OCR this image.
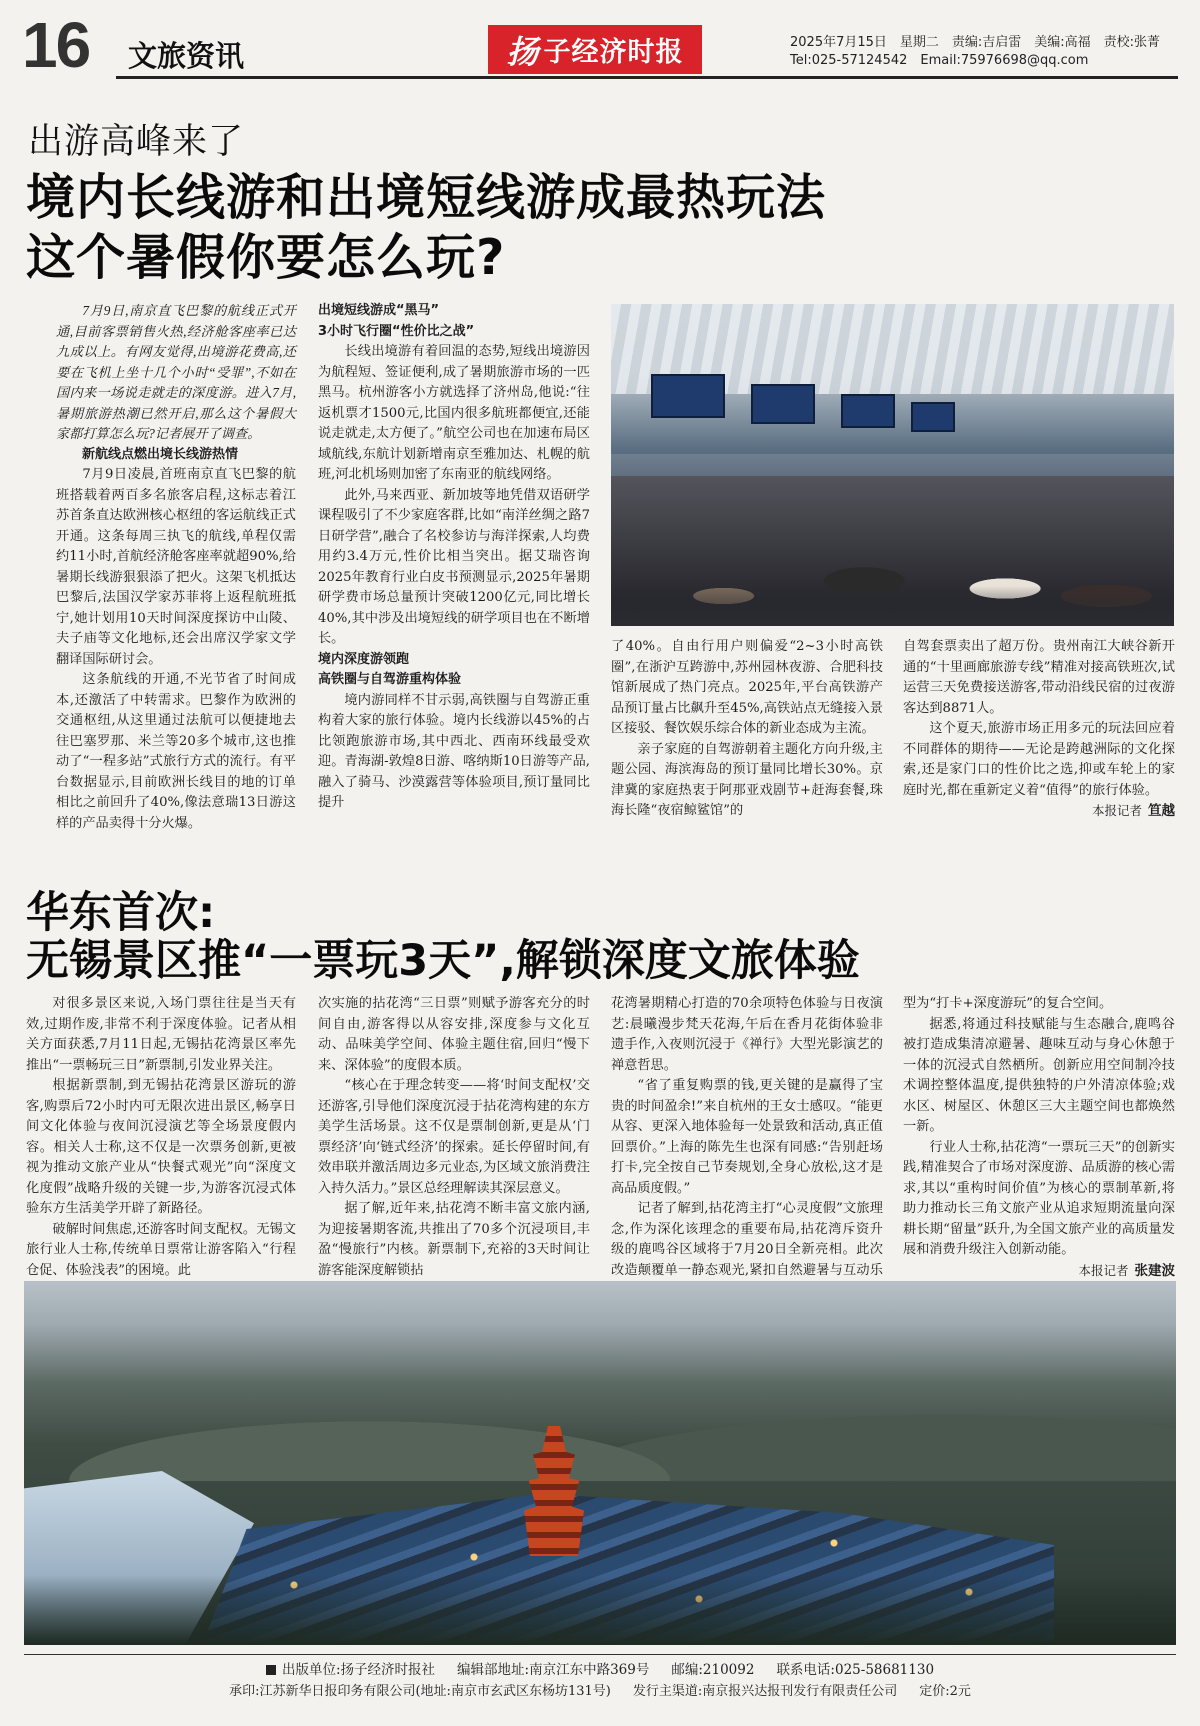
16 文旅资讯	扬 子经济时报	2025年7月15日　星期二　责编:吉启雷　美编:高福　责校:张菁
Tel:025-57124542　Email:75976698@qq.com
出游高峰来了
境内长线游和出境短线游成最热玩法
这个暑假你要怎么玩?

7月9日,南京直飞巴黎的航线正式开通,目前客票销售火热,经济舱客座率已达九成以上。有网友觉得,出境游花费高,还要在飞机上坐十几个小时“受罪”,不如在国内来一场说走就走的深度游。进入7月,暑期旅游热潮已然开启,那么这个暑假大家都打算怎么玩?记者展开了调查。

新航线点燃出境长线游热情

7月9日凌晨,首班南京直飞巴黎的航班搭载着两百多名旅客启程,这标志着江苏首条直达欧洲核心枢纽的客运航线正式开通。这条每周三执飞的航线,单程仅需约11小时,首航经济舱客座率就超90%,给暑期长线游狠狠添了把火。这架飞机抵达巴黎后,法国汉学家苏菲将上返程航班抵宁,她计划用10天时间深度探访中山陵、夫子庙等文化地标,还会出席汉学家文学翻译国际研讨会。

这条航线的开通,不光节省了时间成本,还激活了中转需求。巴黎作为欧洲的交通枢纽,从这里通过法航可以便捷地去往巴塞罗那、米兰等20多个城市,这也推动了“一程多站”式旅行方式的流行。有平台数据显示,目前欧洲长线目的地的订单相比之前回升了40%,像法意瑞13日游这样的产品卖得十分火爆。

出境短线游成“黑马”

3小时飞行圈“性价比之战”

长线出境游有着回温的态势,短线出境游因为航程短、签证便利,成了暑期旅游市场的一匹黑马。杭州游客小方就选择了济州岛,他说:“往返机票才1500元,比国内很多航班都便宜,还能说走就走,太方便了。”航空公司也在加速布局区域航线,东航计划新增南京至雅加达、札幌的航班,河北机场则加密了东南亚的航线网络。

此外,马来西亚、新加坡等地凭借双语研学课程吸引了不少家庭客群,比如“南洋丝绸之路7日研学营”,融合了名校参访与海洋探索,人均费用约3.4万元,性价比相当突出。据艾瑞咨询2025年教育行业白皮书预测显示,2025年暑期研学费市场总量预计突破1200亿元,同比增长40%,其中涉及出境短线的研学项目也在不断增长。

境内深度游领跑

高铁圈与自驾游重构体验

境内游同样不甘示弱,高铁圈与自驾游正重构着大家的旅行体验。境内长线游以45%的占比领跑旅游市场,其中西北、西南环线最受欢迎。青海湖-敦煌8日游、喀纳斯10日游等产品,融入了骑马、沙漠露营等体验项目,预订量同比提升

了40%。自由行用户则偏爱“2~3小时高铁圈”,在浙沪互跨游中,苏州园林夜游、合肥科技馆新展成了热门亮点。2025年,平台高铁游产品预订量占比飙升至45%,高铁站点无缝接入景区接驳、餐饮娱乐综合体的新业态成为主流。

亲子家庭的自驾游朝着主题化方向升级,主题公园、海滨海岛的预订量同比增长30%。京津冀的家庭热衷于阿那亚戏剧节+赶海套餐,珠海长隆“夜宿鲸鲨馆”的

自驾套票卖出了超万份。贵州南江大峡谷新开通的“十里画廊旅游专线”精准对接高铁班次,试运营三天免费接送游客,带动沿线民宿的过夜游客达到8871人。

这个夏天,旅游市场正用多元的玩法回应着不同群体的期待——无论是跨越洲际的文化探索,还是家门口的性价比之选,抑或车轮上的家庭时光,都在重新定义着“值得”的旅行体验。

本报记者 笪越

华东首次:
无锡景区推“一票玩3天”,解锁深度文旅体验

对很多景区来说,入场门票往往是当天有效,过期作废,非常不利于深度体验。记者从相关方面获悉,7月11日起,无锡拈花湾景区率先推出“一票畅玩三日”新票制,引发业界关注。

根据新票制,到无锡拈花湾景区游玩的游客,购票后72小时内可无限次进出景区,畅享日间文化体验与夜间沉浸演艺等全场景度假内容。相关人士称,这不仅是一次票务创新,更被视为推动文旅产业从“快餐式观光”向“深度文化度假”战略升级的关键一步,为游客沉浸式体验东方生活美学开辟了新路径。

破解时间焦虑,还游客时间支配权。无锡文旅行业人士称,传统单日票常让游客陷入“行程仓促、体验浅表”的困境。此

次实施的拈花湾“三日票”则赋予游客充分的时间自由,游客得以从容安排,深度参与文化互动、品味美学空间、体验主题住宿,回归“慢下来、深体验”的度假本质。

“核心在于理念转变——将‘时间支配权’交还游客,引导他们深度沉浸于拈花湾构建的东方美学生活场景。这不仅是票制创新,更是从‘门票经济’向‘链式经济’的探索。延长停留时间,有效串联并激活周边多元业态,为区域文旅消费注入持久活力。”景区总经理解读其深层意义。

据了解,近年来,拈花湾不断丰富文旅内涵,为迎接暑期客流,共推出了70多个沉浸项目,丰盈“慢旅行”内核。新票制下,充裕的3天时间让游客能深度解锁拈

花湾暑期精心打造的70余项特色体验与日夜演艺:晨曦漫步梵天花海,午后在香月花街体验非遗手作,入夜则沉浸于《禅行》大型光影演艺的禅意哲思。

“省了重复购票的钱,更关键的是赢得了宝贵的时间盈余!”来自杭州的王女士感叹。“能更从容、更深入地体验每一处景致和活动,真正值回票价。”上海的陈先生也深有同感:“告别赶场打卡,完全按自己节奏规划,全身心放松,这才是高品质度假。”

记者了解到,拈花湾主打“心灵度假”文旅理念,作为深化该理念的重要布局,拈花湾斥资升级的鹿鸣谷区域将于7月20日全新亮相。此次改造颠覆单一静态观光,紧扣自然避暑与互动乐

型为“打卡+深度游玩”的复合空间。

据悉,将通过科技赋能与生态融合,鹿鸣谷被打造成集清凉避暑、趣味互动与身心休憩于一体的沉浸式自然栖所。创新应用空间制冷技术调控整体温度,提供独特的户外清凉体验;戏水区、树屋区、休憩区三大主题空间也都焕然一新。

行业人士称,拈花湾“一票玩三天”的创新实践,精准契合了市场对深度游、品质游的核心需求,其以“重构时间价值”为核心的票制革新,将助力推动长三角文旅产业从追求短期流量向深耕长期“留量”跃升,为全国文旅产业的高质量发展和消费升级注入创新动能。

本报记者 张建波

出版单位:扬子经济时报社 编辑部地址:南京江东中路369号 邮编:210092 联系电话:025-58681130
承印:江苏新华日报印务有限公司(地址:南京市玄武区东杨坊131号) 发行主渠道:南京报兴达报刊发行有限责任公司 定价:2元
